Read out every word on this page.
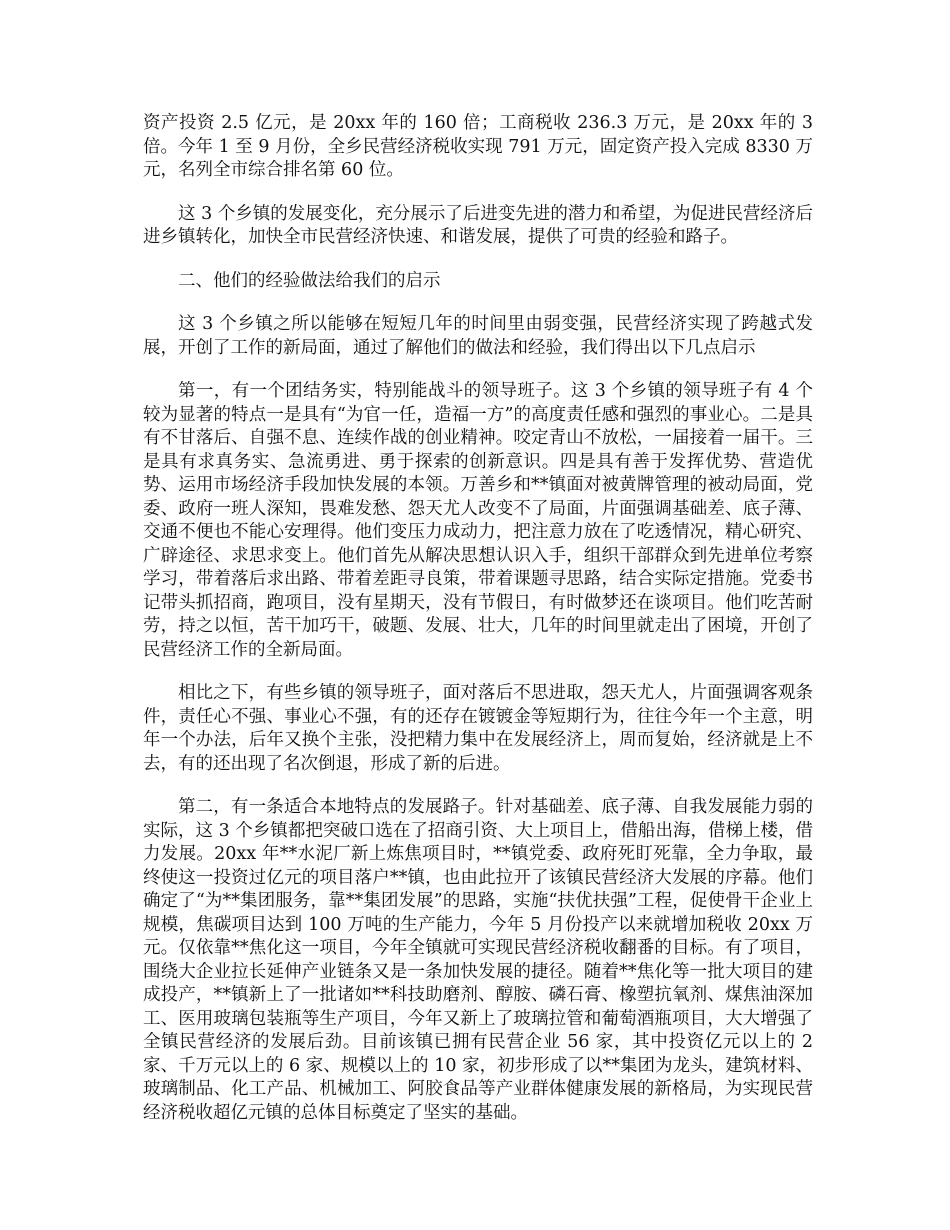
资产投资 2.5 亿元，是 20xx 年的 160 倍；工商税收 236.3 万元，是 20xx 年的 3 倍。今年 1 至 9 月份，全乡民营经济税收实现 791 万元，固定资产投入完成 8330 万元，名列全市综合排名第 60 位。

这 3 个乡镇的发展变化，充分展示了后进变先进的潜力和希望，为促进民营经济后进乡镇转化，加快全市民营经济快速、和谐发展，提供了可贵的经验和路子。

二、他们的经验做法给我们的启示

这 3 个乡镇之所以能够在短短几年的时间里由弱变强，民营经济实现了跨越式发展，开创了工作的新局面，通过了解他们的做法和经验，我们得出以下几点启示

第一，有一个团结务实，特别能战斗的领导班子。这 3 个乡镇的领导班子有 4 个较为显著的特点一是具有“为官一任，造福一方”的高度责任感和强烈的事业心。二是具有不甘落后、自强不息、连续作战的创业精神。咬定青山不放松，一届接着一届干。三是具有求真务实、急流勇进、勇于探索的创新意识。四是具有善于发挥优势、营造优势、运用市场经济手段加快发展的本领。万善乡和**镇面对被黄牌管理的被动局面，党委、政府一班人深知，畏难发愁、怨天尤人改变不了局面，片面强调基础差、底子薄、交通不便也不能心安理得。他们变压力成动力，把注意力放在了吃透情况，精心研究、广辟途径、求思求变上。他们首先从解决思想认识入手，组织干部群众到先进单位考察学习，带着落后求出路、带着差距寻良策，带着课题寻思路，结合实际定措施。党委书记带头抓招商，跑项目，没有星期天，没有节假日，有时做梦还在谈项目。他们吃苦耐劳，持之以恒，苦干加巧干，破题、发展、壮大，几年的时间里就走出了困境，开创了民营经济工作的全新局面。

相比之下，有些乡镇的领导班子，面对落后不思进取，怨天尤人，片面强调客观条件，责任心不强、事业心不强，有的还存在镀镀金等短期行为，往往今年一个主意，明年一个办法，后年又换个主张，没把精力集中在发展经济上，周而复始，经济就是上不去，有的还出现了名次倒退，形成了新的后进。

第二，有一条适合本地特点的发展路子。针对基础差、底子薄、自我发展能力弱的实际，这 3 个乡镇都把突破口选在了招商引资、大上项目上，借船出海，借梯上楼，借力发展。20xx 年**水泥厂新上炼焦项目时，**镇党委、政府死盯死靠，全力争取，最终使这一投资过亿元的项目落户**镇，也由此拉开了该镇民营经济大发展的序幕。他们确定了“为**集团服务，靠**集团发展”的思路，实施“扶优扶强”工程，促使骨干企业上规模，焦碳项目达到 100 万吨的生产能力，今年 5 月份投产以来就增加税收 20xx 万元。仅依靠**焦化这一项目，今年全镇就可实现民营经济税收翻番的目标。有了项目，围绕大企业拉长延伸产业链条又是一条加快发展的捷径。随着**焦化等一批大项目的建成投产，**镇新上了一批诸如**科技助磨剂、醇胺、磷石膏、橡塑抗氧剂、煤焦油深加工、医用玻璃包装瓶等生产项目，今年又新上了玻璃拉管和葡萄酒瓶项目，大大增强了全镇民营经济的发展后劲。目前该镇已拥有民营企业 56 家，其中投资亿元以上的 2 家、千万元以上的 6 家、规模以上的 10 家，初步形成了以**集团为龙头，建筑材料、玻璃制品、化工产品、机械加工、阿胶食品等产业群体健康发展的新格局，为实现民营经济税收超亿元镇的总体目标奠定了坚实的基础。
